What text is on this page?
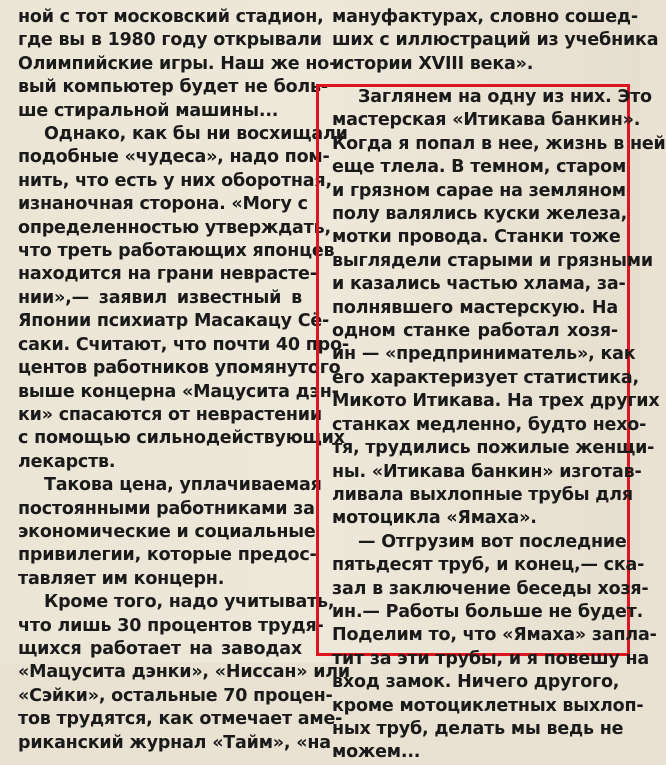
ной с тот московский стадион,
где вы в 1980 году открывали
Олимпийские игры. Наш же но-
вый компьютер будет не боль-
ше стиральной машины...
Однако, как бы ни восхищали
подобные «чудеса», надо пом-
нить, что есть у них оборотная,
изнаночная сторона. «Могу с
определенностью утверждать,
что треть работающих японцев
находится на грани неврасте-
нии»,— заявил известный в
Японии психиатр Масакацу Сё-
саки. Считают, что почти 40 про-
центов работников упомянутого
выше концерна «Мацусита дэн-
ки» спасаются от неврастении
с помощью сильнодействующих
лекарств.
Такова цена, уплачиваемая
постоянными работниками за
экономические и социальные
привилегии, которые предос-
тавляет им концерн.
Кроме того, надо учитывать,
что лишь 30 процентов трудя-
щихся работает на заводах
«Мацусита дэнки», «Ниссан» или
«Сэйки», остальные 70 процен-
тов трудятся, как отмечает аме-
риканский журнал «Тайм», «на
мануфактурах, словно сошед-
ших с иллюстраций из учебника
истории XVIII века».
Заглянем на одну из них. Это
мастерская «Итикава банкин».
Когда я попал в нее, жизнь в ней
еще тлела. В темном, старом
и грязном сарае на земляном
полу валялись куски железа,
мотки провода. Станки тоже
выглядели старыми и грязными
и казались частью хлама, за-
полнявшего мастерскую. На
одном станке работал хозя-
ин — «предприниматель», как
его характеризует статистика,
Микото Итикава. На трех других
станках медленно, будто нехо-
тя, трудились пожилые женщи-
ны. «Итикава банкин» изготав-
ливала выхлопные трубы для
мотоцикла «Ямаха».
— Отгрузим вот последние
пятьдесят труб, и конец,— ска-
зал в заключение беседы хозя-
ин.— Работы больше не будет.
Поделим то, что «Ямаха» запла-
тит за эти трубы, и я повешу на
вход замок. Ничего другого,
кроме мотоциклетных выхлоп-
ных труб, делать мы ведь не
можем...
